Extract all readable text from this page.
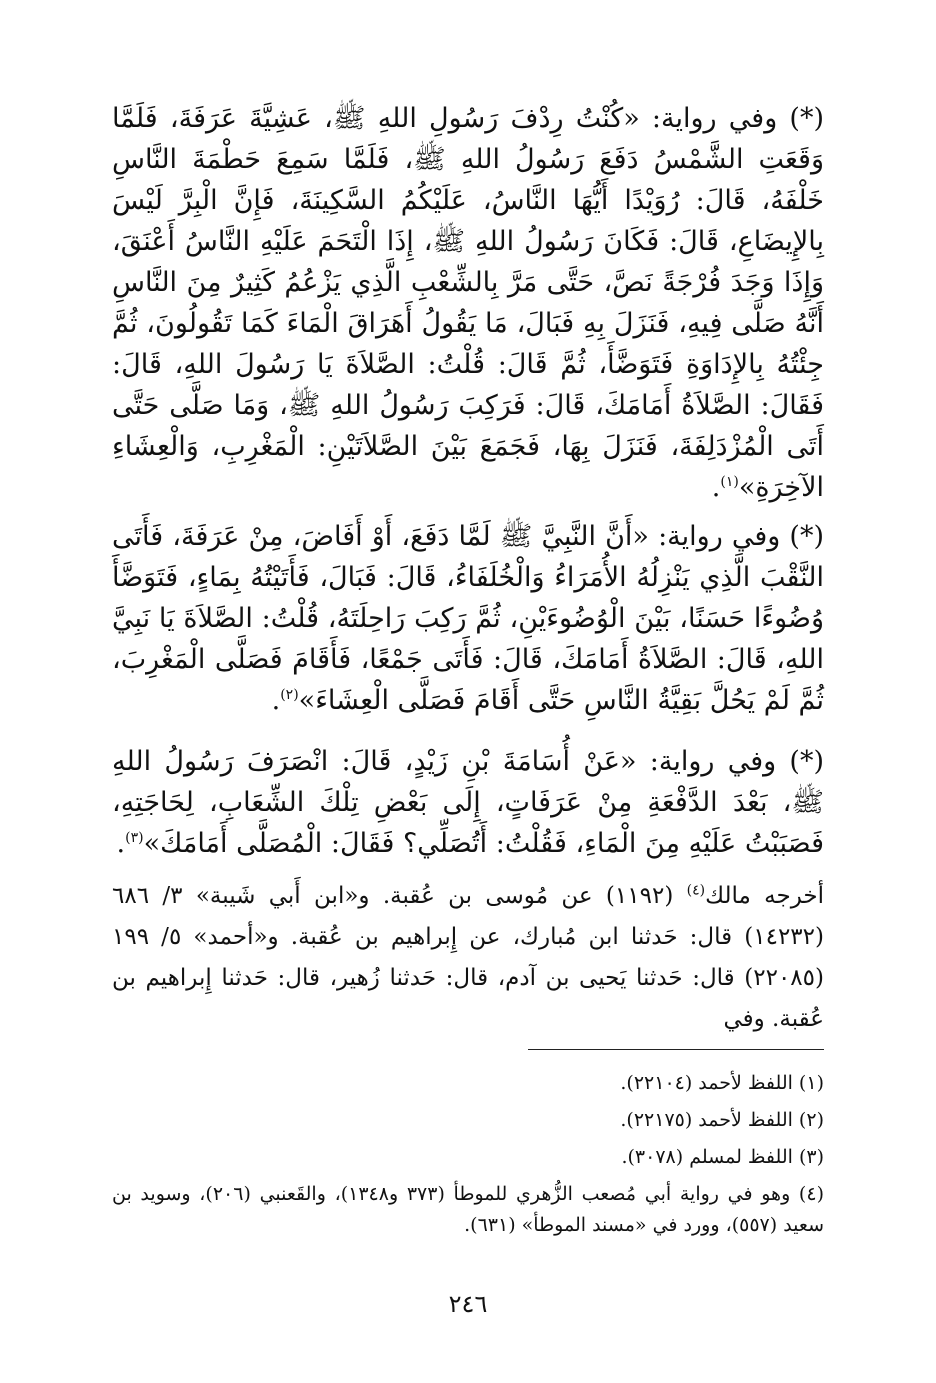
(*) وفي رواية: «كُنْتُ رِدْفَ رَسُولِ اللهِ ﷺ، عَشِيَّةَ عَرَفَةَ، فَلَمَّا وَقَعَتِ الشَّمْسُ دَفَعَ رَسُولُ اللهِ ﷺ، فَلَمَّا سَمِعَ حَطْمَةَ النَّاسِ خَلْفَهُ، قَالَ: رُوَيْدًا أَيُّهَا النَّاسُ، عَلَيْكُمُ السَّكِينَةَ، فَإِنَّ الْبِرَّ لَيْسَ بِالإِيضَاعِ، قَالَ: فَكَانَ رَسُولُ اللهِ ﷺ، إِذَا الْتَحَمَ عَلَيْهِ النَّاسُ أَعْنَقَ، وَإِذَا وَجَدَ فُرْجَةً نَصَّ، حَتَّى مَرَّ بِالشِّعْبِ الَّذِي يَزْعُمُ كَثِيرٌ مِنَ النَّاسِ أَنَّهُ صَلَّى فِيهِ، فَنَزَلَ بِهِ فَبَالَ، مَا يَقُولُ أَهَرَاقَ الْمَاءَ كَمَا تَقُولُونَ، ثُمَّ جِئْتُهُ بِالإِدَاوَةِ فَتَوَضَّأَ، ثُمَّ قَالَ: قُلْتُ: الصَّلاَةَ يَا رَسُولَ اللهِ، قَالَ: فَقَالَ: الصَّلاَةُ أَمَامَكَ، قَالَ: فَرَكِبَ رَسُولُ اللهِ ﷺ، وَمَا صَلَّى حَتَّى أَتَى الْمُزْدَلِفَةَ، فَنَزَلَ بِهَا، فَجَمَعَ بَيْنَ الصَّلاَتَيْنِ: الْمَغْرِبِ، وَالْعِشَاءِ الآخِرَةِ»$^{(١)}$.

(*) وفي رواية: «أَنَّ النَّبِيَّ ﷺ لَمَّا دَفَعَ، أَوْ أَفَاضَ، مِنْ عَرَفَةَ، فَأَتَى النَّقْبَ الَّذِي يَنْزِلُهُ الأُمَرَاءُ وَالْخُلَفَاءُ، قَالَ: فَبَالَ، فَأَتَيْتُهُ بِمَاءٍ، فَتَوَضَّأَ وُضُوءًا حَسَنًا، بَيْنَ الْوُضُوءَيْنِ، ثُمَّ رَكِبَ رَاحِلَتَهُ، قُلْتُ: الصَّلاَةَ يَا نَبِيَّ اللهِ، قَالَ: الصَّلاَةُ أَمَامَكَ، قَالَ: فَأَتَى جَمْعًا، فَأَقَامَ فَصَلَّى الْمَغْرِبَ، ثُمَّ لَمْ يَحُلَّ بَقِيَّةُ النَّاسِ حَتَّى أَقَامَ فَصَلَّى الْعِشَاءَ»$^{(٢)}$.

(*) وفي رواية: «عَنْ أُسَامَةَ بْنِ زَيْدٍ، قَالَ: انْصَرَفَ رَسُولُ اللهِ ﷺ، بَعْدَ الدَّفْعَةِ مِنْ عَرَفَاتٍ، إِلَى بَعْضِ تِلْكَ الشِّعَابِ، لِحَاجَتِهِ، فَصَبَبْتُ عَلَيْهِ مِنَ الْمَاءِ، فَقُلْتُ: أَتُصَلِّي؟ فَقَالَ: الْمُصَلَّى أَمَامَكَ»$^{(٣)}$.

أخرجه مالك$^{(٤)}$ (١١٩٢) عن مُوسى بن عُقبة. و«ابن أَبي شَيبة» ٣/ ٦٨٦ (١٤٢٣٢) قال: حَدثنا ابن مُبارك، عن إِبراهيم بن عُقبة. و«أحمد» ٥/ ١٩٩ (٢٢٠٨٥) قال: حَدثنا يَحيى بن آدم، قال: حَدثنا زُهير، قال: حَدثنا إِبراهيم بن عُقبة. وفي

(١) اللفظ لأحمد (٢٢١٠٤).

(٢) اللفظ لأحمد (٢٢١٧٥).

(٣) اللفظ لمسلم (٣٠٧٨).

(٤) وهو في رواية أبي مُصعب الزُّهري للموطأ (٣٧٣ و١٣٤٨)، والقَعنبي (٢٠٦)، وسويد بن سعيد (٥٥٧)، وورد في «مسند الموطأ» (٦٣١).

٢٤٦
